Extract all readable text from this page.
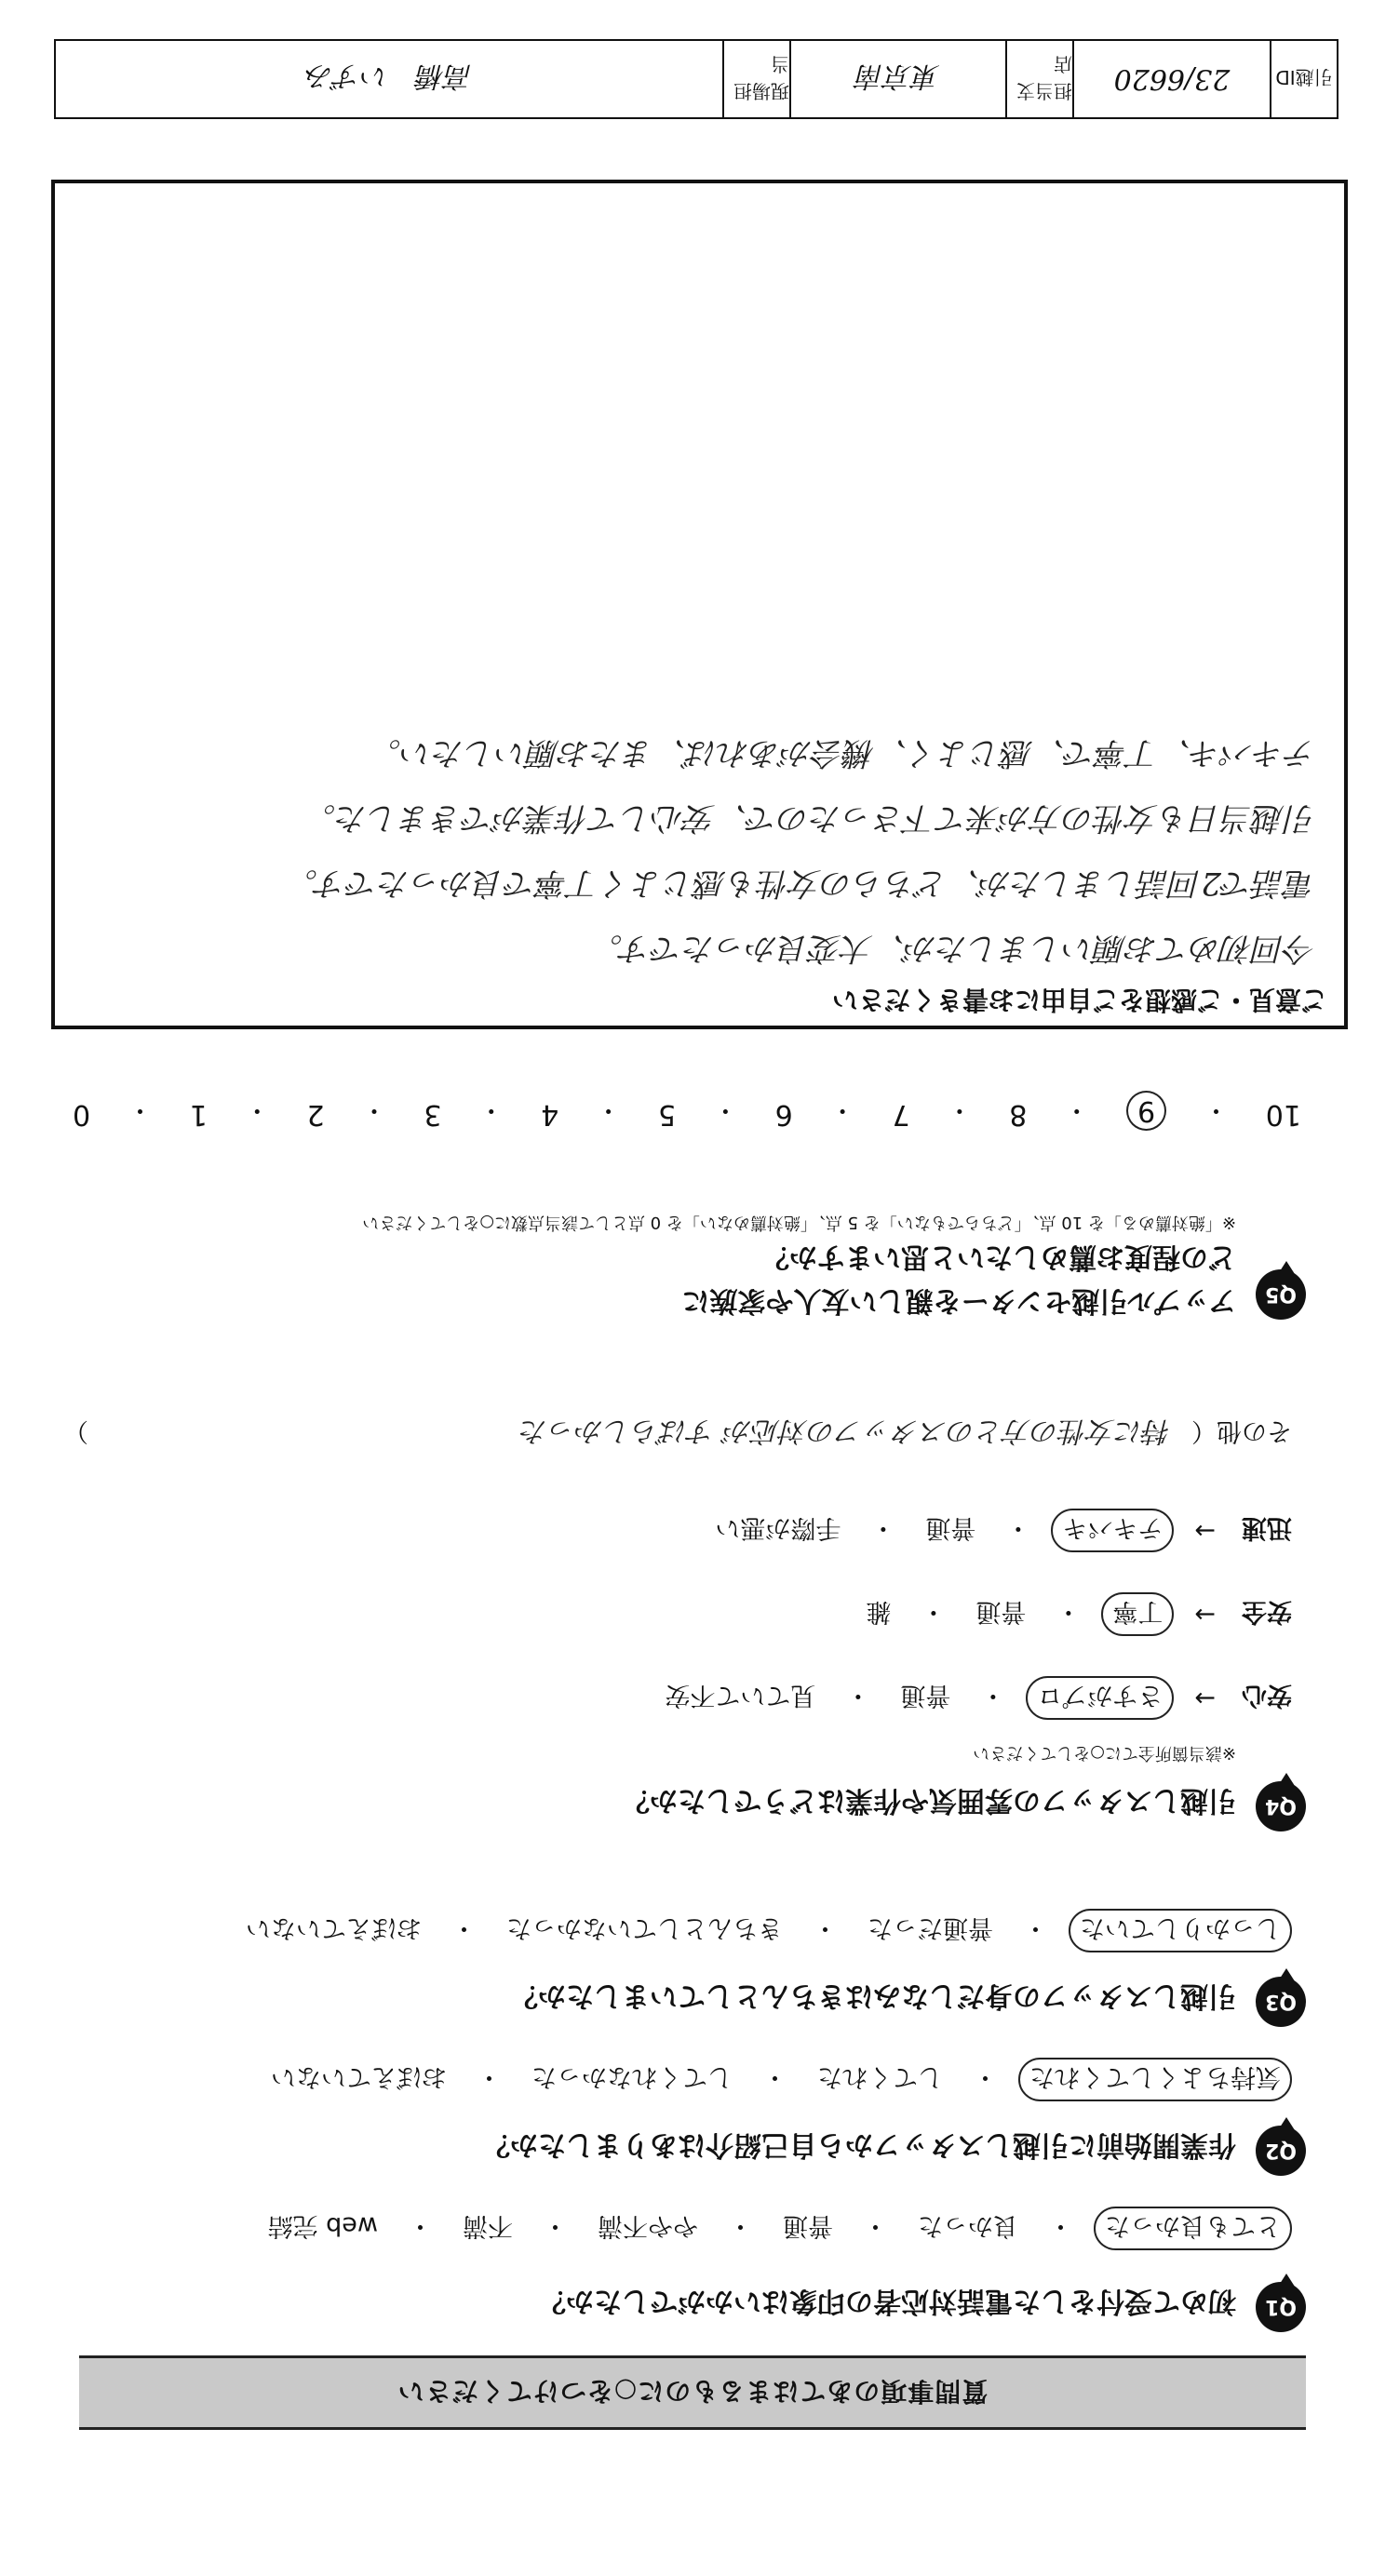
質問事項のあてはまるものに○をつけてください
Q1
初めて受付をした電話対応者の印象はいかがでしたか？
とても良かった
・
良かった
・
普通
・
やや不満
・
不満
・
web 完結
Q2
作業開始前に引越しスタッフから自己紹介はありましたか？
気持ちよくしてくれた
・
してくれた
・
してくれなかった
・
おぼえていない
Q3
引越しスタッフの身だしなみはきちんとしていましたか？
しっかりしていた
・
普通だった
・
きちんとしていなかった
・
おぼえていない
Q4
引越しスタッフの雰囲気や作業はどうでしたか？
※該当箇所全てに○をしてください
安心
→
さすがプロ
・
普通
・
見ていて不安
安全
→
丁寧
・
普通
・
雑
迅速
→
テキパキ
・
普通
・
手際が悪い
その他（
特に女性の方とのスタッフの対応が すばらしかった
）
Q5
アップル引越センターを親しい友人や家族に
どの程度お薦めしたいと思いますか？
※「絶対薦める」を 10 点、「どちらでもない」を 5 点、「絶対薦めない」を 0 点として該当点数に○をしてください
10
・
9
・
8
・
7
・
6
・
5
・
4
・
3
・
2
・
1
・
0
ご意見・ご感想をご自由にお書きください
今回初めてお願いしましたが、大変良かったです。
電話で2回話しましたが、どちらの女性も感じよく丁寧で良かったです。
引越当日も女性の方が来て下さったので、安心して作業ができました。
テキパキ、丁寧で、感じよく、機会があれば、またお願いしたい。
引越ID
23/6620
担当支店
東京南
現場担当
高橋　いずみ
